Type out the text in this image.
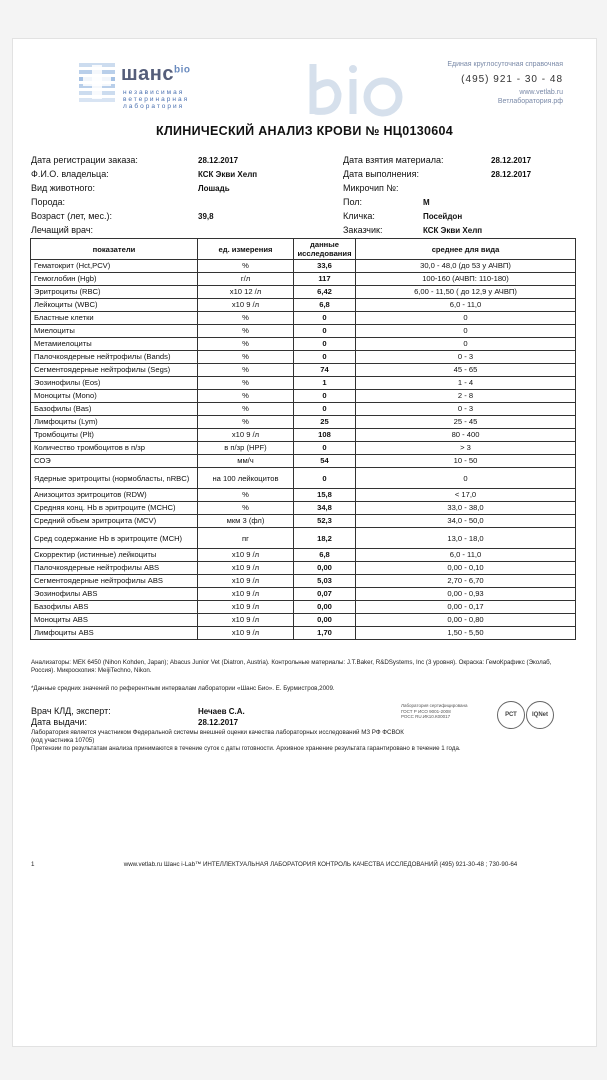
шанс$^{bio}$
независимая ветеринарная лаборатория
Единая круглосуточная справочная
(495) 921 - 30 - 48
www.vetlab.ru
Ветлаборатория.рф
КЛИНИЧЕСКИЙ АНАЛИЗ КРОВИ № НЦ0130604
Дата регистрации заказа:	28.12.2017
Ф.И.О. владельца:	КСК Экви Хелп
Вид животного:	Лошадь
Порода:
Возраст (лет, мес.):	39,8
Лечащий врач:
Дата взятия материала:	28.12.2017
Дата выполнения:	28.12.2017
Микрочип №:
Пол:	М
Кличка:	Посейдон
Заказчик:	КСК Экви Хелп
показатели	ед. измерения	данные исследования	среднее для вида
Гематокрит (Hct,PCV)	%	33,6	30,0 - 48,0 (до 53 у АЧВП)
Гемоглобин (Hgb)	г/л	117	100-160 (АЧВП: 110-180)
Эритроциты (RBC)	x10 12 /л	6,42	6,00 - 11,50 ( до 12,9 у АЧВП)
Лейкоциты (WBC)	x10 9 /л	6,8	6,0 - 11,0
Бластные клетки	%	0	0
Миелоциты	%	0	0
Метамиелоциты	%	0	0
Палочкоядерные нейтрофилы (Bands)	%	0	0 - 3
Сегментоядерные нейтрофилы (Segs)	%	74	45 - 65
Эозинофилы (Eos)	%	1	1 - 4
Моноциты (Mono)	%	0	2 - 8
Базофилы (Bas)	%	0	0 - 3
Лимфоциты (Lym)	%	25	25 - 45
Тромбоциты (Plt)	x10 9 /л	108	80 - 400
Количество тромбоцитов в п/зр	в п/зр (HPF)	0	> 3
СОЭ	мм/ч	54	10 - 50
Ядерные эритроциты (нормобласты, nRBC)	на 100 лейкоцитов	0	0
Анизоцитоз эритроцитов (RDW)	%	15,8	< 17,0
Средняя конц. Hb в эритроците (MCHC)	%	34,8	33,0 - 38,0
Средний объем эритроцита (MCV)	мкм 3 (фл)	52,3	34,0 - 50,0
Сред содержание Hb в эритроците (MCH)	пг	18,2	13,0 - 18,0
Скорректир (истинные) лейкоциты	x10 9 /л	6,8	6,0 - 11,0
Палочкоядерные нейтрофилы ABS	x10 9 /л	0,00	0,00 - 0,10
Сегментоядерные нейтрофилы ABS	x10 9 /л	5,03	2,70 - 6,70
Эозинофилы ABS	x10 9 /л	0,07	0,00 - 0,93
Базофилы ABS	x10 9 /л	0,00	0,00 - 0,17
Моноциты ABS	x10 9 /л	0,00	0,00 - 0,80
Лимфоциты ABS	x10 9 /л	1,70	1,50 - 5,50
Анализаторы: МЕК 6450 (Nihon Kohden, Japan); Abacus Junior Vet (Diatron, Austria). Контрольные материалы: J.T.Baker, R&DSystems, Inc (3 уровня). Окраска: ГемоКрафикс (Эколаб, Россия). Микроскопия: MeijiTechno, Nikon.
*Данные средних значений по референтным интервалам лаборатории «Шанс Био». Е. Бурмистров,2009.
Врач КЛД, эксперт:	Нечаев С.А.
Дата выдачи:	28.12.2017
Лаборатория является участником Федеральной системы внешней оценки качества лабораторных исследований МЗ РФ ФСВОК
(код участника 10705)
Претензии по результатам анализа принимаются в течение суток с даты готовности. Архивное хранение результата гарантировано в течение 1 года.
Лаборатория сертифицирована
ГОСТ Р ИСО 9001-2008
РОСС RU.ИК10.К00017	РСТ	IQNet
1	www.vetlab.ru Шанс i-Lab™ ИНТЕЛЛЕКТУАЛЬНАЯ ЛАБОРАТОРИЯ КОНТРОЛЬ КАЧЕСТВА ИССЛЕДОВАНИЙ (495) 921-30-48 ; 730-90-64
